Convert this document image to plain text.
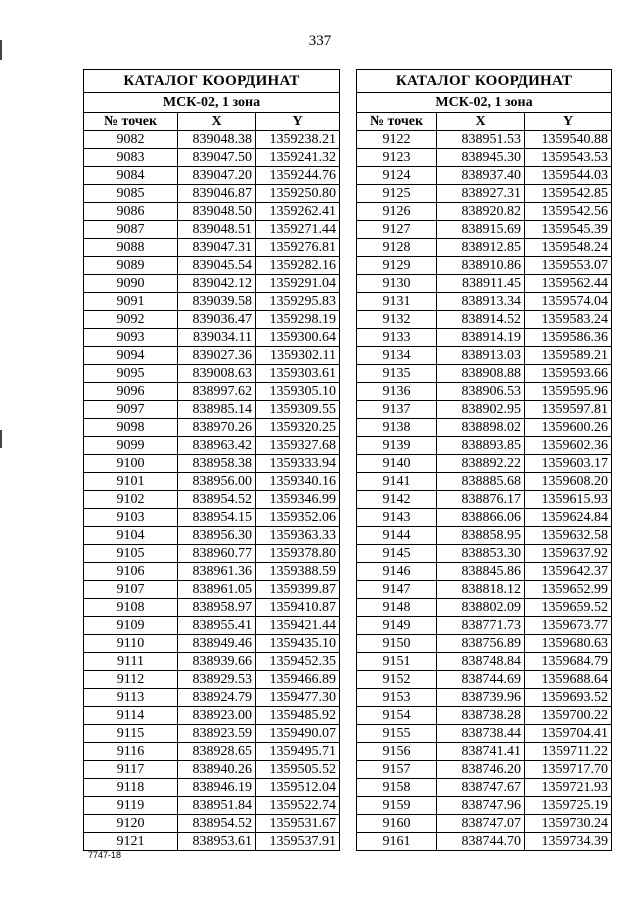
337
КАТАЛОГ КООРДИНАТ		
МСК-02, 1 зона		
№ точек	X	Y
9082	839048.38	1359238.21
9083	839047.50	1359241.32
9084	839047.20	1359244.76
9085	839046.87	1359250.80
9086	839048.50	1359262.41
9087	839048.51	1359271.44
9088	839047.31	1359276.81
9089	839045.54	1359282.16
9090	839042.12	1359291.04
9091	839039.58	1359295.83
9092	839036.47	1359298.19
9093	839034.11	1359300.64
9094	839027.36	1359302.11
9095	839008.63	1359303.61
9096	838997.62	1359305.10
9097	838985.14	1359309.55
9098	838970.26	1359320.25
9099	838963.42	1359327.68
9100	838958.38	1359333.94
9101	838956.00	1359340.16
9102	838954.52	1359346.99
9103	838954.15	1359352.06
9104	838956.30	1359363.33
9105	838960.77	1359378.80
9106	838961.36	1359388.59
9107	838961.05	1359399.87
9108	838958.97	1359410.87
9109	838955.41	1359421.44
9110	838949.46	1359435.10
9111	838939.66	1359452.35
9112	838929.53	1359466.89
9113	838924.79	1359477.30
9114	838923.00	1359485.92
9115	838923.59	1359490.07
9116	838928.65	1359495.71
9117	838940.26	1359505.52
9118	838946.19	1359512.04
9119	838951.84	1359522.74
9120	838954.52	1359531.67
9121	838953.61	1359537.91
КАТАЛОГ КООРДИНАТ		
МСК-02, 1 зона		
№ точек	X	Y
9122	838951.53	1359540.88
9123	838945.30	1359543.53
9124	838937.40	1359544.03
9125	838927.31	1359542.85
9126	838920.82	1359542.56
9127	838915.69	1359545.39
9128	838912.85	1359548.24
9129	838910.86	1359553.07
9130	838911.45	1359562.44
9131	838913.34	1359574.04
9132	838914.52	1359583.24
9133	838914.19	1359586.36
9134	838913.03	1359589.21
9135	838908.88	1359593.66
9136	838906.53	1359595.96
9137	838902.95	1359597.81
9138	838898.02	1359600.26
9139	838893.85	1359602.36
9140	838892.22	1359603.17
9141	838885.68	1359608.20
9142	838876.17	1359615.93
9143	838866.06	1359624.84
9144	838858.95	1359632.58
9145	838853.30	1359637.92
9146	838845.86	1359642.37
9147	838818.12	1359652.99
9148	838802.09	1359659.52
9149	838771.73	1359673.77
9150	838756.89	1359680.63
9151	838748.84	1359684.79
9152	838744.69	1359688.64
9153	838739.96	1359693.52
9154	838738.28	1359700.22
9155	838738.44	1359704.41
9156	838741.41	1359711.22
9157	838746.20	1359717.70
9158	838747.67	1359721.93
9159	838747.96	1359725.19
9160	838747.07	1359730.24
9161	838744.70	1359734.39
7747-18
